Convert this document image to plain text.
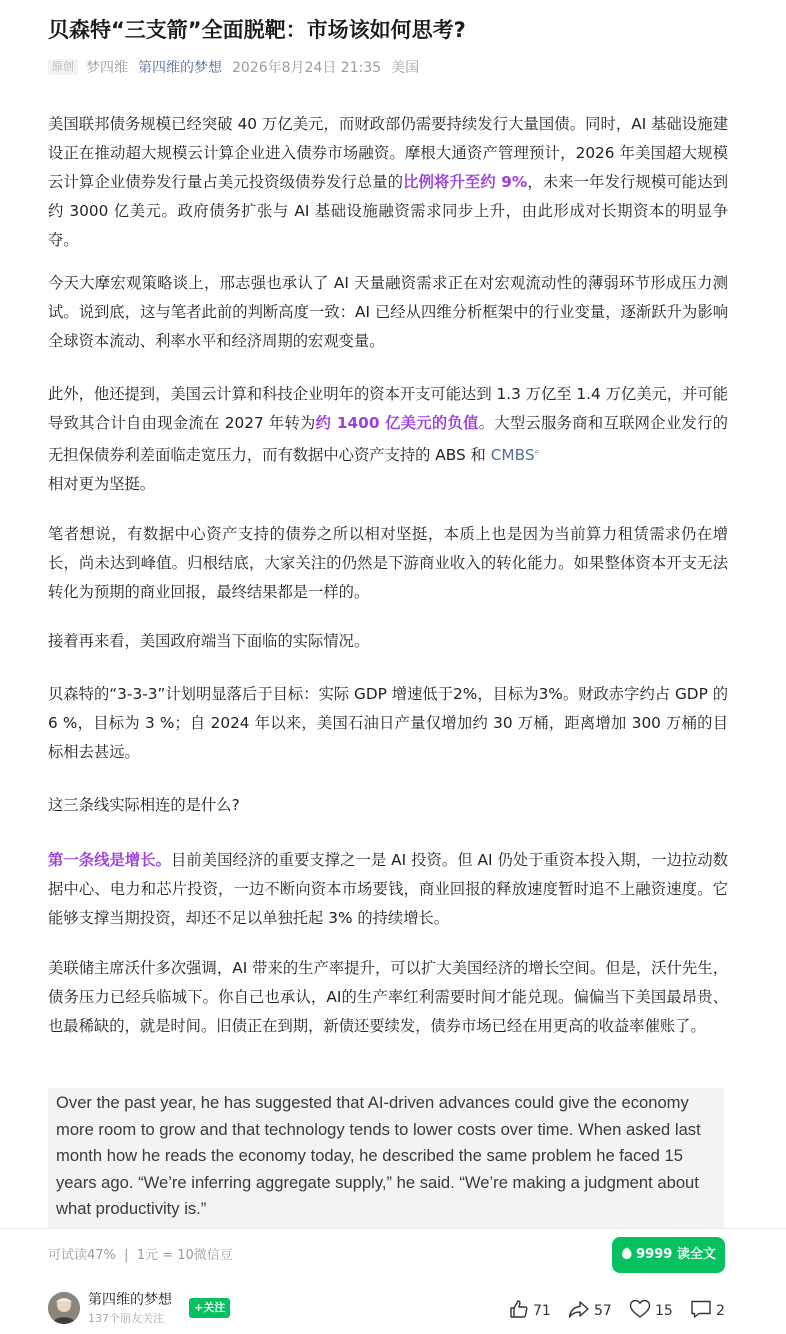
贝森特“三支箭”全面脱靶：市场该如何思考?
原创 梦四维 第四维的梦想 2026年8月24日 21:35 美国
美国联邦债务规模已经突破 40 万亿美元，而财政部仍需要持续发行大量国债。同时，AI 基础设施建设正在推动超大规模云计算企业进入债券市场融资。摩根大通资产管理预计，2026 年美国超大规模云计算企业债券发行量占美元投资级债券发行总量的比例将升至约 9%，未来一年发行规模可能达到约 3000 亿美元。政府债务扩张与 AI 基础设施融资需求同步上升，由此形成对长期资本的明显争夺。
今天大摩宏观策略谈上，邢志强也承认了 AI 天量融资需求正在对宏观流动性的薄弱环节形成压力测试。说到底，这与笔者此前的判断高度一致：AI 已经从四维分析框架中的行业变量，逐渐跃升为影响全球资本流动、利率水平和经济周期的宏观变量。
此外，他还提到，美国云计算和科技企业明年的资本开支可能达到 1.3 万亿至 1.4 万亿美元，并可能导致其合计自由现金流在 2027 年转为约 1400 亿美元的负值。大型云服务商和互联网企业发行的无担保债券利差面临走宽压力，而有数据中心资产支持的 ABS 和 CMBS⌕
相对更为坚挺。
笔者想说，有数据中心资产支持的债券之所以相对坚挺，本质上也是因为当前算力租赁需求仍在增长，尚未达到峰值。归根结底，大家关注的仍然是下游商业收入的转化能力。如果整体资本开支无法转化为预期的商业回报，最终结果都是一样的。
接着再来看，美国政府端当下面临的实际情况。
贝森特的“3-3-3”计划明显落后于目标：实际 GDP 增速低于2%，目标为3%。财政赤字约占 GDP 的 6 %，目标为 3 %；自 2024 年以来，美国石油日产量仅增加约 30 万桶，距离增加 300 万桶的目标相去甚远。
这三条线实际相连的是什么?
第一条线是增长。目前美国经济的重要支撑之一是 AI 投资。但 AI 仍处于重资本投入期，一边拉动数据中心、电力和芯片投资，一边不断向资本市场要钱，商业回报的释放速度暂时追不上融资速度。它能够支撑当期投资，却还不足以单独托起 3% 的持续增长。
美联储主席沃什多次强调，AI 带来的生产率提升，可以扩大美国经济的增长空间。但是，沃什先生，债务压力已经兵临城下。你自己也承认，AI的生产率红利需要时间才能兑现。偏偏当下美国最昂贵、也最稀缺的，就是时间。旧债正在到期，新债还要续发，债券市场已经在用更高的收益率催账了。
Over the past year, he has suggested that AI-driven advances could give the economy more room to grow and that technology tends to lower costs over time. When asked last month how he reads the economy today, he described the same problem he faced 15 years ago. “We’re inferring aggregate supply,” he said. “We’re making a judgment about what productivity is.”
可试读47%  |  1元 = 10微信豆	9999 读全文
第四维的梦想
137个朋友关注
+关注	71	57	15	2
